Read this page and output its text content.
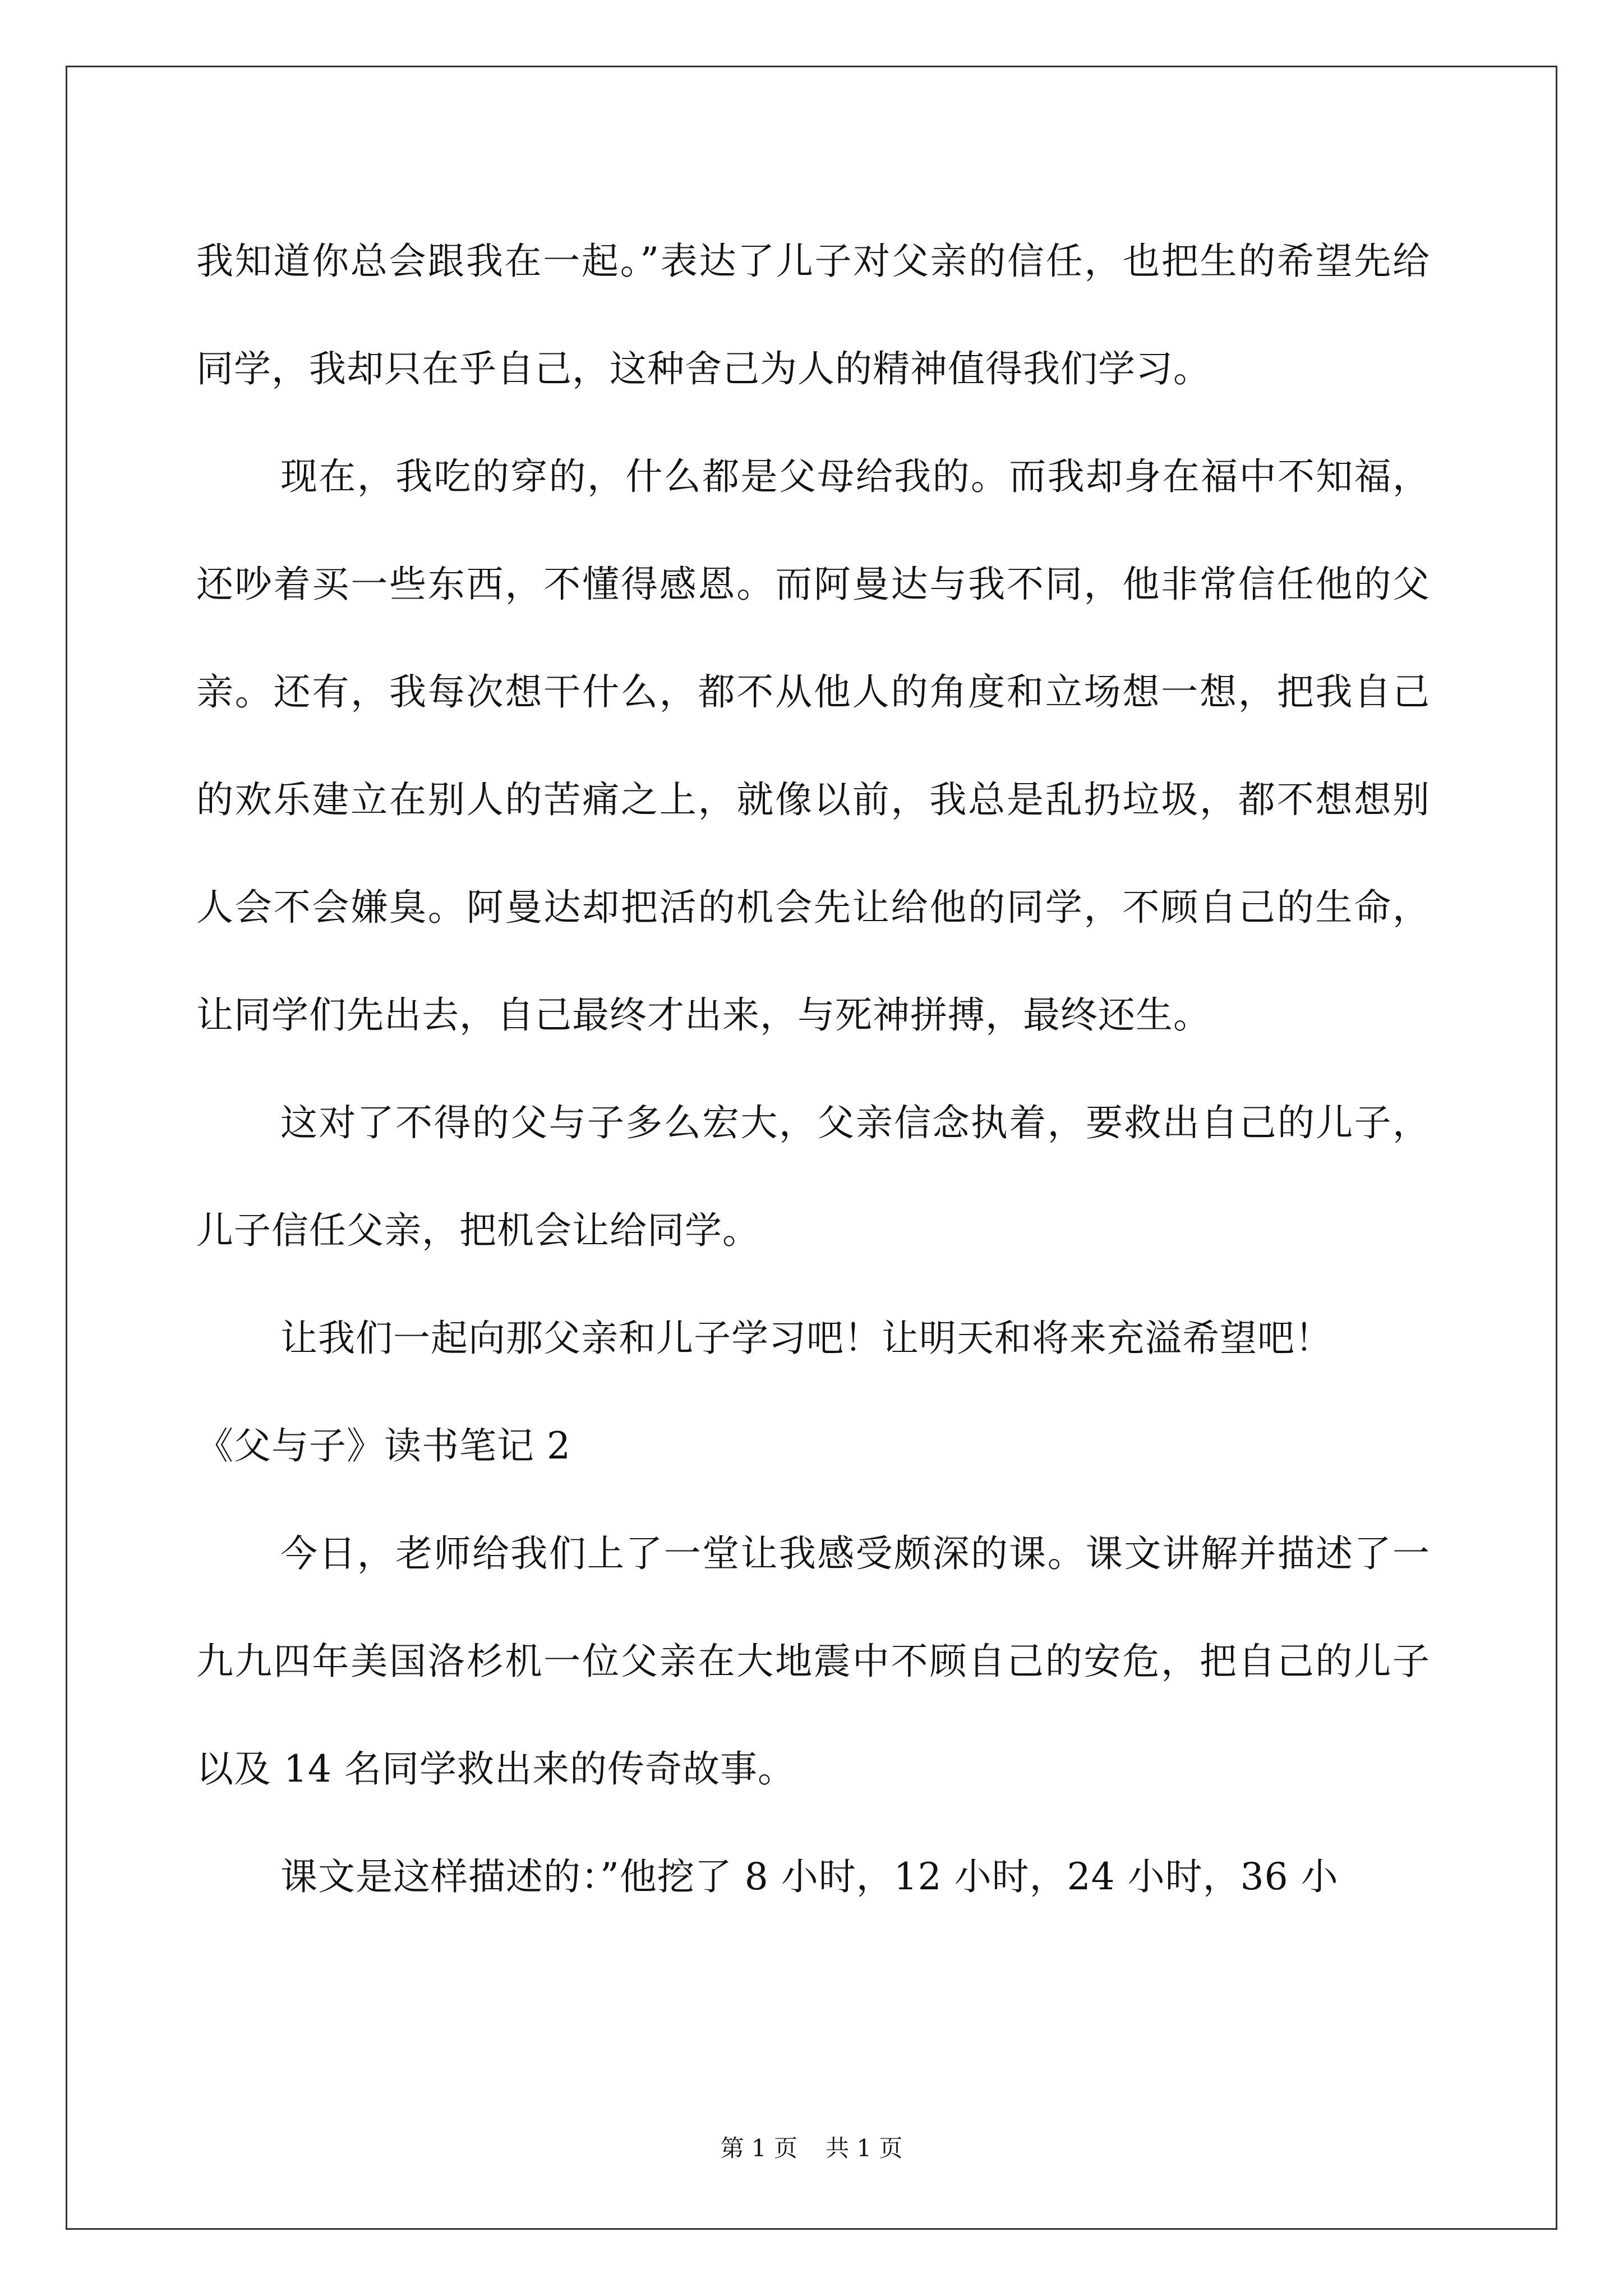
我知道你总会跟我在一起。”表达了儿子对父亲的信任，也把生的希望先给同学，我却只在乎自己，这种舍己为人的精神值得我们学习。

现在，我吃的穿的，什么都是父母给我的。而我却身在福中不知福，还吵着买一些东西，不懂得感恩。而阿曼达与我不同，他非常信任他的父亲。还有，我每次想干什么，都不从他人的角度和立场想一想，把我自己的欢乐建立在别人的苦痛之上，就像以前，我总是乱扔垃圾，都不想想别人会不会嫌臭。阿曼达却把活的机会先让给他的同学，不顾自己的生命，让同学们先出去，自己最终才出来，与死神拼搏，最终还生。

这对了不得的父与子多么宏大，父亲信念执着，要救出自己的儿子，儿子信任父亲，把机会让给同学。

让我们一起向那父亲和儿子学习吧！让明天和将来充溢希望吧！

《父与子》读书笔记 2

今日，老师给我们上了一堂让我感受颇深的课。课文讲解并描述了一九九四年美国洛杉机一位父亲在大地震中不顾自己的安危，把自己的儿子以及 14 名同学救出来的传奇故事。

课文是这样描述的：”他挖了 8 小时，12 小时，24 小时，36 小

第 1 页 共 1 页
